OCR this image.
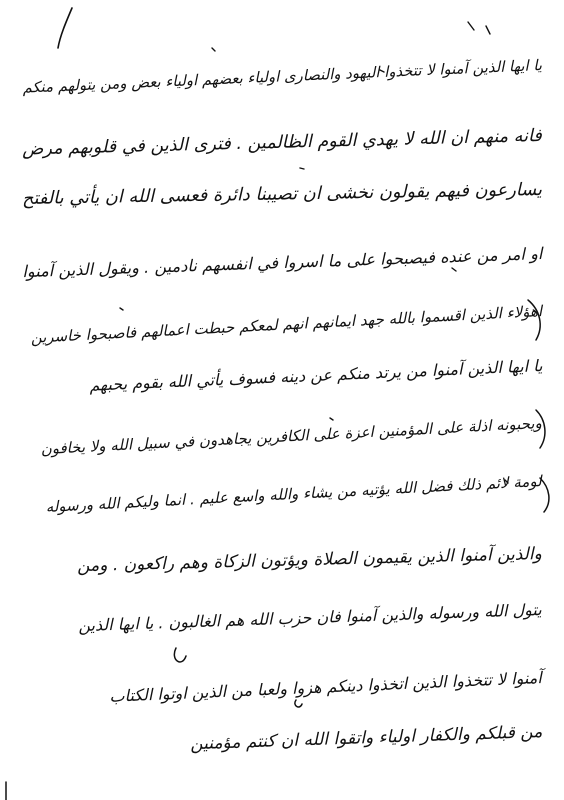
يا ايها الذين آمنوا لا تتخذوا اليهود والنصارى اولياء بعضهم اولياء بعض ومن يتولهم منكم
فانه منهم ان الله لا يهدي القوم الظالمين . فترى الذين في قلوبهم مرض
يسارعون فيهم يقولون نخشى ان تصيبنا دائرة فعسى الله ان يأتي بالفتح
او امر من عنده فيصبحوا على ما اسروا في انفسهم نادمين . ويقول الذين آمنوا
اهؤلاء الذين اقسموا بالله جهد ايمانهم انهم لمعكم حبطت اعمالهم فاصبحوا خاسرين
يا ايها الذين آمنوا من يرتد منكم عن دينه فسوف يأتي الله بقوم يحبهم
ويحبونه اذلة على المؤمنين اعزة على الكافرين يجاهدون في سبيل الله ولا يخافون
لومة لائم ذلك فضل الله يؤتيه من يشاء والله واسع عليم . انما وليكم الله ورسوله
والذين آمنوا الذين يقيمون الصلاة ويؤتون الزكاة وهم راكعون . ومن
يتول الله ورسوله والذين آمنوا فان حزب الله هم الغالبون . يا ايها الذين
آمنوا لا تتخذوا الذين اتخذوا دينكم هزوا ولعبا من الذين اوتوا الكتاب
من قبلكم والكفار اولياء واتقوا الله ان كنتم مؤمنين
